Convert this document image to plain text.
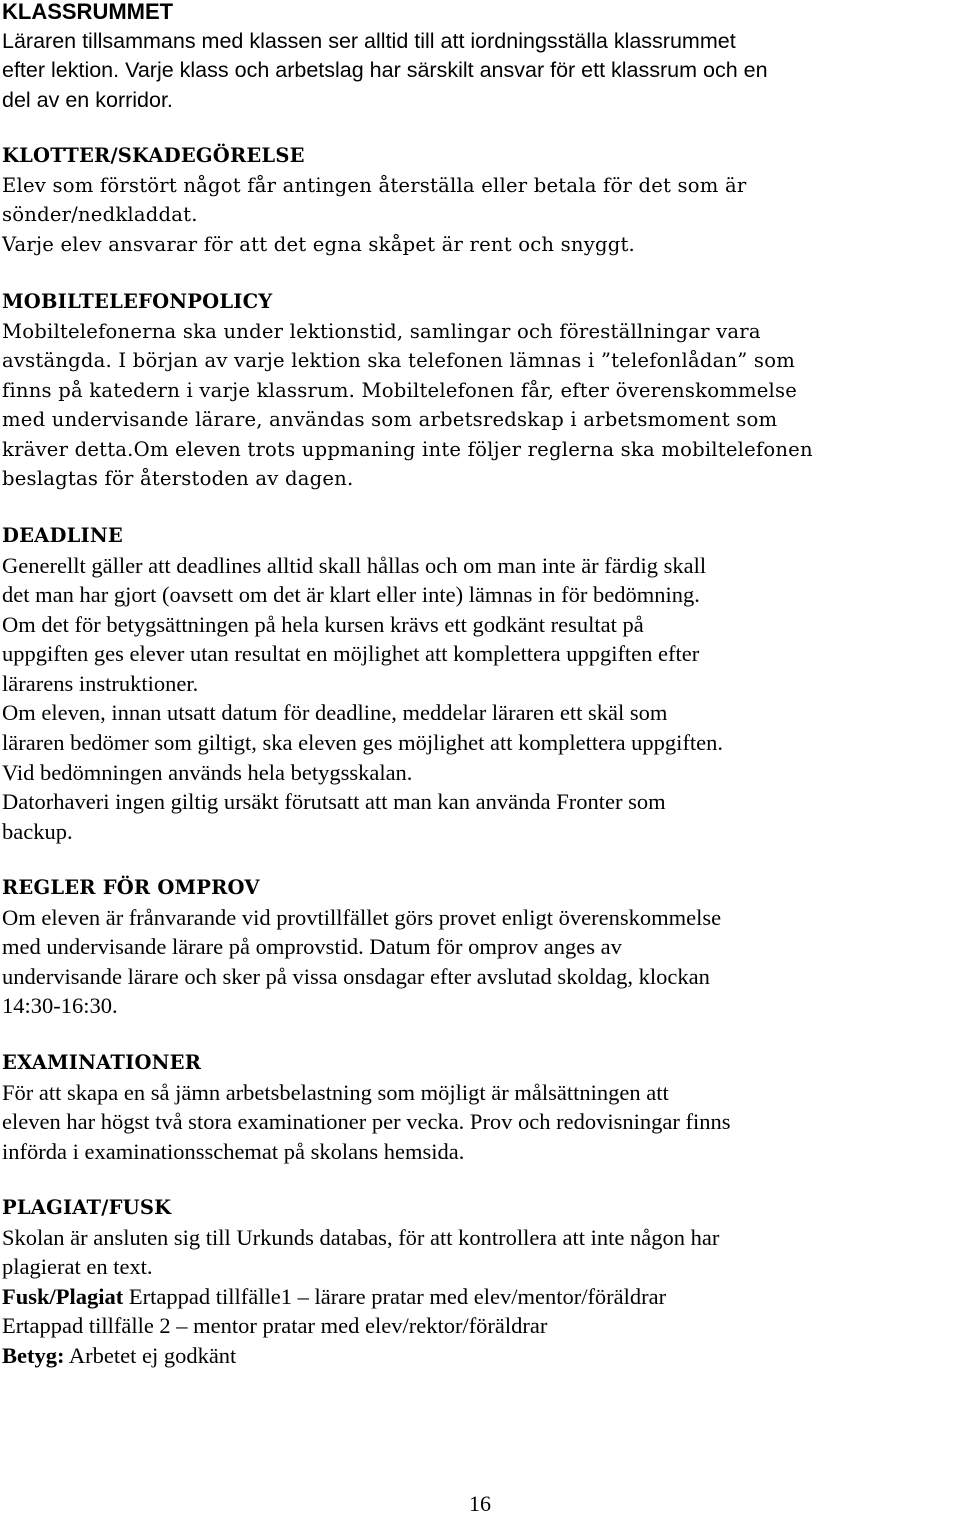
KLASSRUMMET
Läraren tillsammans med klassen ser alltid till att iordningsställa klassrummet
efter lektion. Varje klass och arbetslag har särskilt ansvar för ett klassrum och en
del av en korridor.
KLOTTER/SKADEGÖRELSE
Elev som förstört något får antingen återställa eller betala för det som är
sönder/nedkladdat.
Varje elev ansvarar för att det egna skåpet är rent och snyggt.
MOBILTELEFONPOLICY
Mobiltelefonerna ska under lektionstid, samlingar och föreställningar vara
avstängda. I början av varje lektion ska telefonen lämnas i ”telefonlådan” som
finns på katedern i varje klassrum. Mobiltelefonen får, efter överenskommelse
med undervisande lärare, användas som arbetsredskap i arbetsmoment som
kräver detta.Om eleven trots uppmaning inte följer reglerna ska mobiltelefonen
beslagtas för återstoden av dagen.
DEADLINE
Generellt gäller att deadlines alltid skall hållas och om man inte är färdig skall
det man har gjort (oavsett om det är klart eller inte) lämnas in för bedömning.
Om det för betygsättningen på hela kursen krävs ett godkänt resultat på
uppgiften ges elever utan resultat en möjlighet att komplettera uppgiften efter
lärarens instruktioner.
Om eleven, innan utsatt datum för deadline, meddelar läraren ett skäl som
läraren bedömer som giltigt, ska eleven ges möjlighet att komplettera uppgiften.
Vid bedömningen används hela betygsskalan.
Datorhaveri ingen giltig ursäkt förutsatt att man kan använda Fronter som
backup.
REGLER FÖR OMPROV
Om eleven är frånvarande vid provtillfället görs provet enligt överenskommelse
med undervisande lärare på omprovstid. Datum för omprov anges av
undervisande lärare och sker på vissa onsdagar efter avslutad skoldag, klockan
14:30-16:30.
EXAMINATIONER
För att skapa en så jämn arbetsbelastning som möjligt är målsättningen att
eleven har högst två stora examinationer per vecka. Prov och redovisningar finns
införda i examinationsschemat på skolans hemsida.
PLAGIAT/FUSK
Skolan är ansluten sig till Urkunds databas, för att kontrollera att inte någon har
plagierat en text.
Fusk/Plagiat Ertappad tillfälle1 – lärare pratar med elev/mentor/föräldrar
Ertappad tillfälle 2 – mentor pratar med elev/rektor/föräldrar
Betyg: Arbetet ej godkänt
16
